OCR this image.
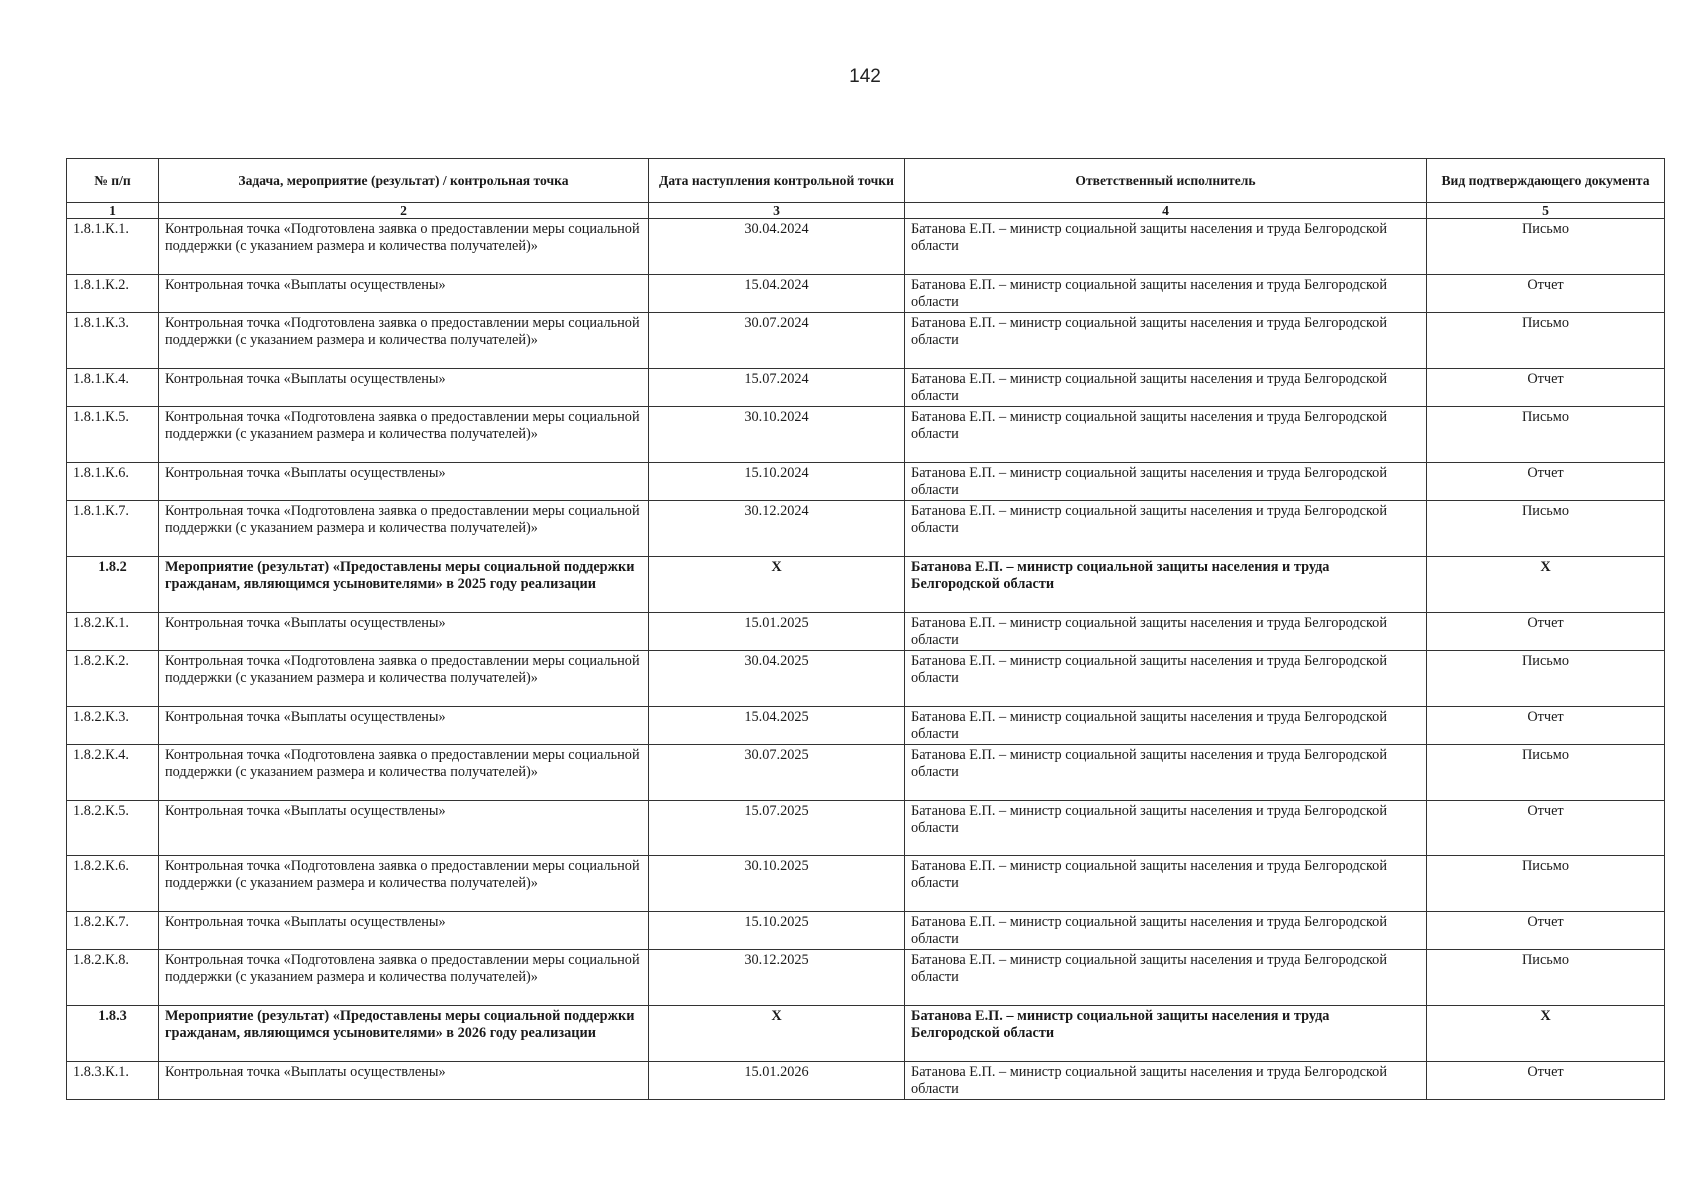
142
№ п/п	Задача, мероприятие (результат) / контрольная точка	Дата наступления контрольной точки	Ответственный исполнитель	Вид подтверждающего документа
1	2	3	4	5
1.8.1.К.1.	Контрольная точка «Подготовлена заявка о предоставлении меры социальной поддержки (с указанием размера и количества получателей)»	30.04.2024	Батанова Е.П. – министр социальной защиты населения и труда Белгородской области	Письмо
1.8.1.К.2.	Контрольная точка «Выплаты осуществлены»	15.04.2024	Батанова Е.П. – министр социальной защиты населения и труда Белгородской области	Отчет
1.8.1.К.3.	Контрольная точка «Подготовлена заявка о предоставлении меры социальной поддержки (с указанием размера и количества получателей)»	30.07.2024	Батанова Е.П. – министр социальной защиты населения и труда Белгородской области	Письмо
1.8.1.К.4.	Контрольная точка «Выплаты осуществлены»	15.07.2024	Батанова Е.П. – министр социальной защиты населения и труда Белгородской области	Отчет
1.8.1.К.5.	Контрольная точка «Подготовлена заявка о предоставлении меры социальной поддержки (с указанием размера и количества получателей)»	30.10.2024	Батанова Е.П. – министр социальной защиты населения и труда Белгородской области	Письмо
1.8.1.К.6.	Контрольная точка «Выплаты осуществлены»	15.10.2024	Батанова Е.П. – министр социальной защиты населения и труда Белгородской области	Отчет
1.8.1.К.7.	Контрольная точка «Подготовлена заявка о предоставлении меры социальной поддержки (с указанием размера и количества получателей)»	30.12.2024	Батанова Е.П. – министр социальной защиты населения и труда Белгородской области	Письмо
1.8.2	Мероприятие (результат) «Предоставлены меры социальной поддержки гражданам, являющимся усыновителями» в 2025 году реализации	Х	Батанова Е.П. – министр социальной защиты населения и труда Белгородской области	Х
1.8.2.К.1.	Контрольная точка «Выплаты осуществлены»	15.01.2025	Батанова Е.П. – министр социальной защиты населения и труда Белгородской области	Отчет
1.8.2.К.2.	Контрольная точка «Подготовлена заявка о предоставлении меры социальной поддержки (с указанием размера и количества получателей)»	30.04.2025	Батанова Е.П. – министр социальной защиты населения и труда Белгородской области	Письмо
1.8.2.К.3.	Контрольная точка «Выплаты осуществлены»	15.04.2025	Батанова Е.П. – министр социальной защиты населения и труда Белгородской области	Отчет
1.8.2.К.4.	Контрольная точка «Подготовлена заявка о предоставлении меры социальной поддержки (с указанием размера и количества получателей)»	30.07.2025	Батанова Е.П. – министр социальной защиты населения и труда Белгородской области	Письмо
1.8.2.К.5.	Контрольная точка «Выплаты осуществлены»	15.07.2025	Батанова Е.П. – министр социальной защиты населения и труда Белгородской области	Отчет
1.8.2.К.6.	Контрольная точка «Подготовлена заявка о предоставлении меры социальной поддержки (с указанием размера и количества получателей)»	30.10.2025	Батанова Е.П. – министр социальной защиты населения и труда Белгородской области	Письмо
1.8.2.К.7.	Контрольная точка «Выплаты осуществлены»	15.10.2025	Батанова Е.П. – министр социальной защиты населения и труда Белгородской области	Отчет
1.8.2.К.8.	Контрольная точка «Подготовлена заявка о предоставлении меры социальной поддержки (с указанием размера и количества получателей)»	30.12.2025	Батанова Е.П. – министр социальной защиты населения и труда Белгородской области	Письмо
1.8.3	Мероприятие (результат) «Предоставлены меры социальной поддержки гражданам, являющимся усыновителями» в 2026 году реализации	Х	Батанова Е.П. – министр социальной защиты населения и труда Белгородской области	Х
1.8.3.К.1.	Контрольная точка «Выплаты осуществлены»	15.01.2026	Батанова Е.П. – министр социальной защиты населения и труда Белгородской области	Отчет
